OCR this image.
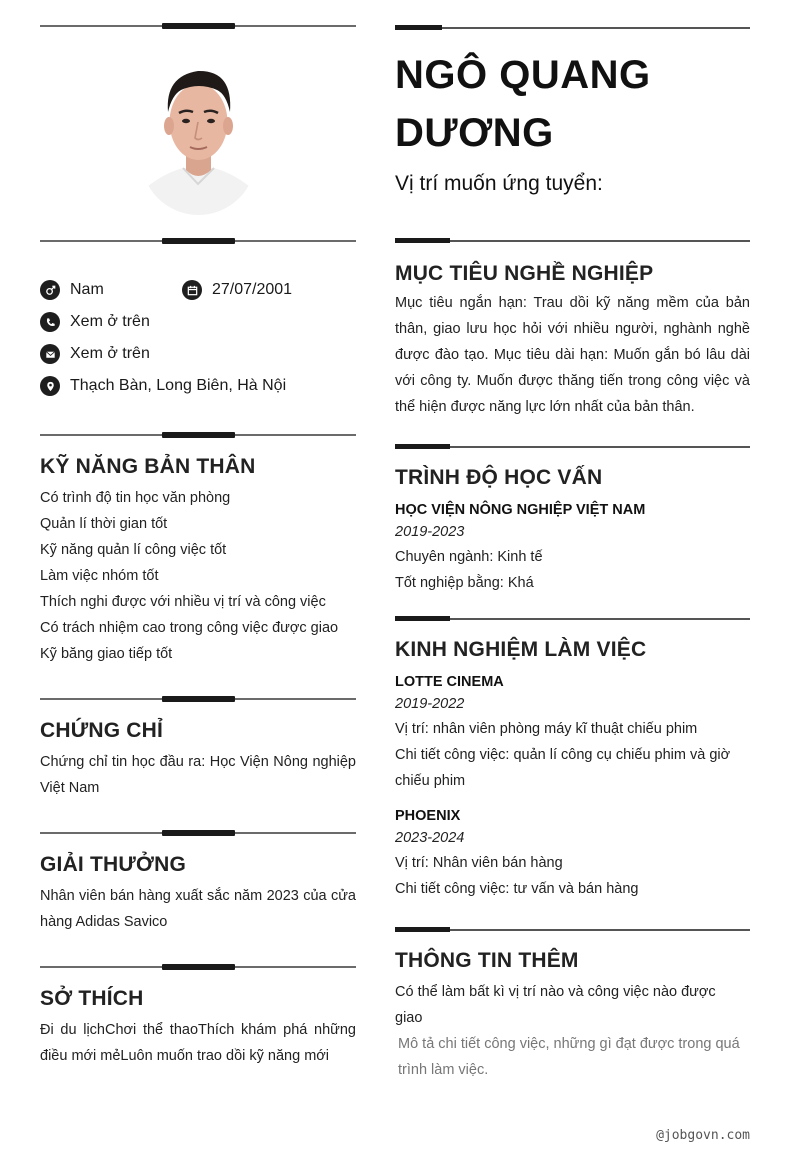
Nam	27/07/2001
Xem ở trên
Xem ở trên
Thạch Bàn, Long Biên, Hà Nội
KỸ NĂNG BẢN THÂN
Có trình độ tin học văn phòng
Quản lí thời gian tốt
Kỹ năng quản lí công việc tốt
Làm việc nhóm tốt
Thích nghi được với nhiều vị trí và công việc
Có trách nhiệm cao trong công việc được giao
Kỹ băng giao tiếp tốt
CHỨNG CHỈ
Chứng chỉ tin học đầu ra: Học Viện Nông nghiệp Việt Nam
GIẢI THƯỞNG
Nhân viên bán hàng xuất sắc năm 2023 của cửa hàng Adidas Savico
SỞ THÍCH
Đi du lịchChơi thể thaoThích khám phá những điều mới mẻLuôn muốn trao dồi kỹ năng mới
NGÔ QUANG
DƯƠNG
Vị trí muốn ứng tuyển:
MỤC TIÊU NGHỀ NGHIỆP
Mục tiêu ngắn hạn: Trau dồi kỹ năng mềm của bản thân, giao lưu học hỏi với nhiều người, nghành nghề được đào tạo. Mục tiêu dài hạn: Muốn gắn bó lâu dài với công ty. Muốn được thăng tiến trong công việc và thể hiện được năng lực lớn nhất của bản thân.
TRÌNH ĐỘ HỌC VẤN
HỌC VIỆN NÔNG NGHIỆP VIỆT NAM
2019-2023
Chuyên ngành: Kinh tế
Tốt nghiệp bằng: Khá
KINH NGHIỆM LÀM VIỆC
LOTTE CINEMA
2019-2022
Vị trí: nhân viên phòng máy kĩ thuật chiếu phim
Chi tiết công việc: quản lí công cụ chiếu phim và giờ chiếu phim
PHOENIX
2023-2024
Vị trí: Nhân viên bán hàng
Chi tiết công việc: tư vấn và bán hàng
THÔNG TIN THÊM
Có thể làm bất kì vị trí nào và công việc nào được giao
Mô tả chi tiết công việc, những gì đạt được trong quá trình làm việc.
@jobgovn.com
